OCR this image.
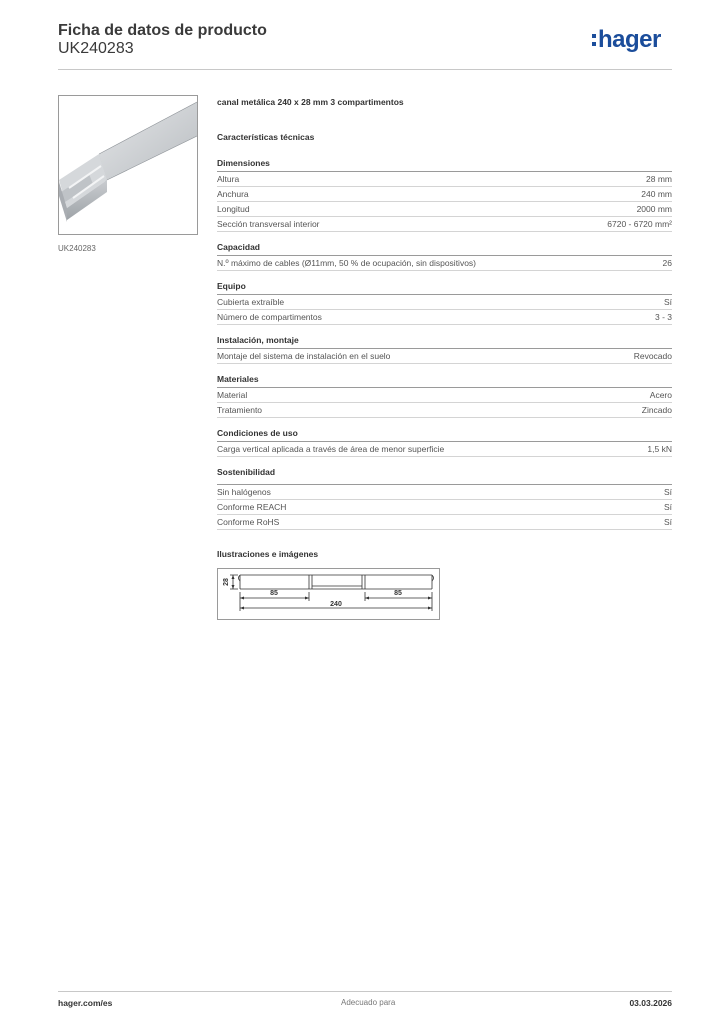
Ficha de datos de producto
UK240283	hager
UK240283
canal metálica 240 x 28 mm 3 compartimentos
Características técnicas
Dimensiones
Altura	28 mm
Anchura	240 mm
Longitud	2000 mm
Sección transversal interior	6720 - 6720 mm²
Capacidad
N.º máximo de cables (Ø11mm, 50 % de ocupación, sin dispositivos)	26
Equipo
Cubierta extraíble	Sí
Número de compartimentos	3 - 3
Instalación, montaje
Montaje del sistema de instalación en el suelo	Revocado
Materiales
Material	Acero
Tratamiento	Zincado
Condiciones de uso
Carga vertical aplicada a través de área de menor superficie	1,5 kN
Sostenibilidad
Sin halógenos	Sí
Conforme REACH	Sí
Conforme RoHS	Sí
Ilustraciones e imágenes
28
85	85
240
hager.com/es	Adecuado para	03.03.2026
